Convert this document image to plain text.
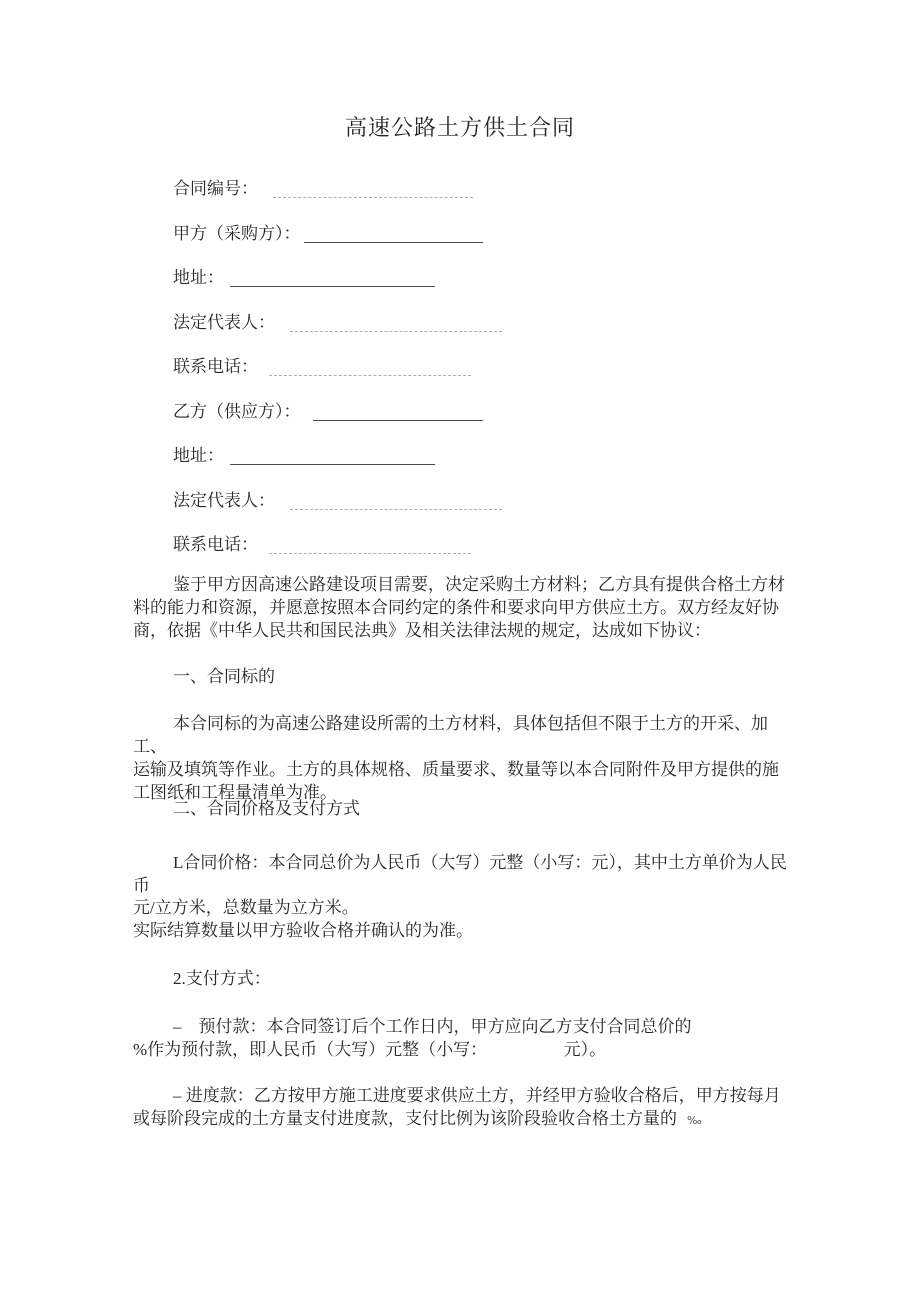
高速公路土方供土合同
合同编号：
甲方（采购方）：
地址：
法定代表人：
联系电话：
乙方（供应方）：
地址：
法定代表人：
联系电话：
鉴于甲方因高速公路建设项目需要，决定采购土方材料；乙方具有提供合格土方材
料的能力和资源，并愿意按照本合同约定的条件和要求向甲方供应土方。双方经友好协
商，依据《中华人民共和国民法典》及相关法律法规的规定，达成如下协议：
一、合同标的
本合同标的为高速公路建设所需的土方材料，具体包括但不限于土方的开采、加工、
运输及填筑等作业。土方的具体规格、质量要求、数量等以本合同附件及甲方提供的施
工图纸和工程量清单为准。
二、合同价格及支付方式
L合同价格：本合同总价为人民币（大写）元整（小写：元），其中土方单价为人民
币
元/立方米，总数量为立方米。
实际结算数量以甲方验收合格并确认的为准。
2.支付方式：
–　预付款：本合同签订后个工作日内，甲方应向乙方支付合同总价的
%作为预付款，即人民币（大写）元整（小写：　　　　　元）。
– 进度款：乙方按甲方施工进度要求供应土方，并经甲方验收合格后，甲方按每月
或每阶段完成的土方量支付进度款，支付比例为该阶段验收合格土方量的 ‰
